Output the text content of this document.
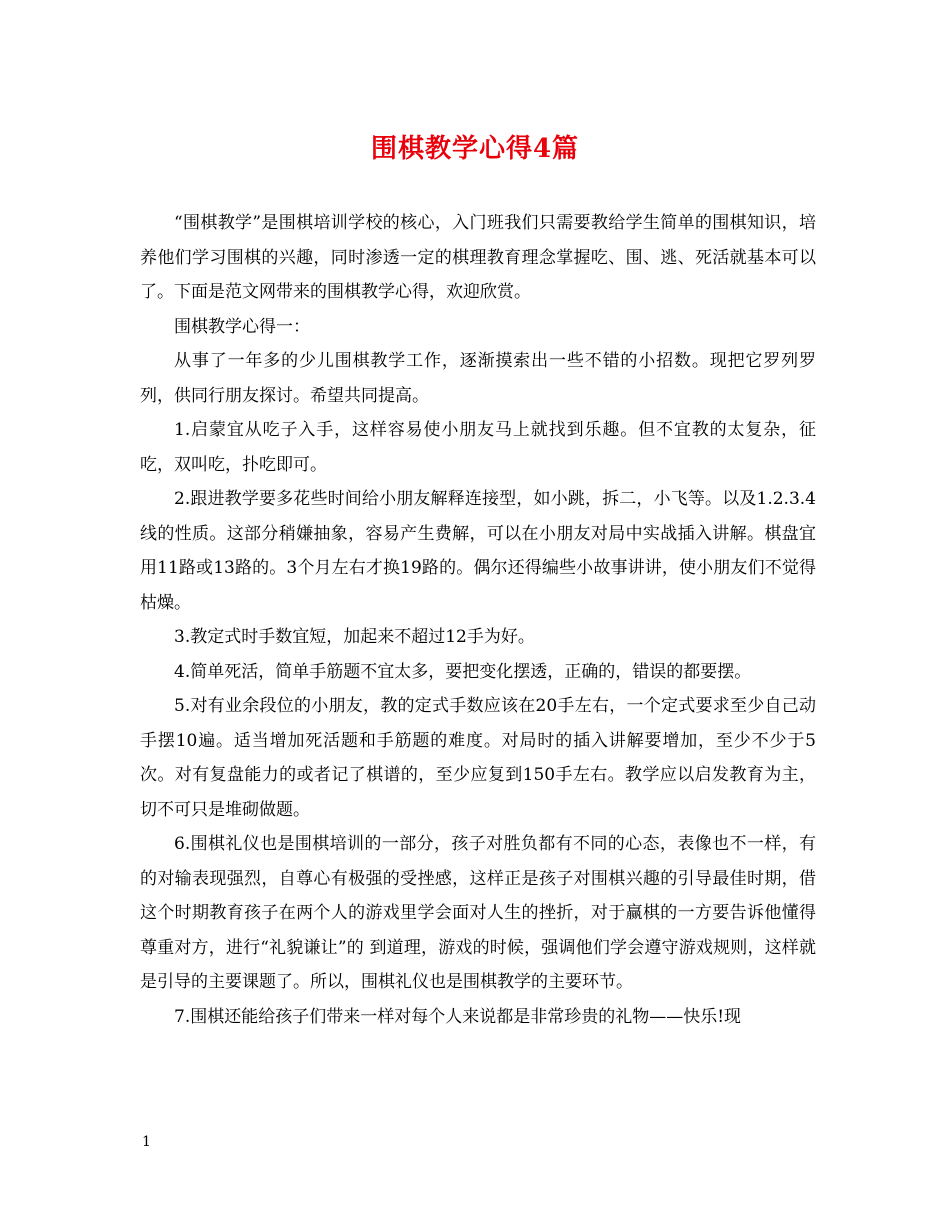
围棋教学心得4篇

“围棋教学”是围棋培训学校的核心，入门班我们只需要教给学生简单的围棋知识，培养他们学习围棋的兴趣，同时渗透一定的棋理教育理念掌握吃、围、逃、死活就基本可以了。下面是范文网带来的围棋教学心得，欢迎欣赏。

围棋教学心得一：

从事了一年多的少儿围棋教学工作，逐渐摸索出一些不错的小招数。现把它罗列罗列，供同行朋友探讨。希望共同提高。

1.启蒙宜从吃子入手，这样容易使小朋友马上就找到乐趣。但不宜教的太复杂，征吃，双叫吃，扑吃即可。

2.跟进教学要多花些时间给小朋友解释连接型，如小跳，拆二，小飞等。以及1.2.3.4线的性质。这部分稍嫌抽象，容易产生费解，可以在小朋友对局中实战插入讲解。棋盘宜用11路或13路的。3个月左右才换19路的。偶尔还得编些小故事讲讲，使小朋友们不觉得枯燥。

3.教定式时手数宜短，加起来不超过12手为好。

4.简单死活，简单手筋题不宜太多，要把变化摆透，正确的，错误的都要摆。

5.对有业余段位的小朋友，教的定式手数应该在20手左右，一个定式要求至少自己动手摆10遍。适当增加死活题和手筋题的难度。对局时的插入讲解要增加，至少不少于5次。对有复盘能力的或者记了棋谱的，至少应复到150手左右。教学应以启发教育为主，切不可只是堆砌做题。

6.围棋礼仪也是围棋培训的一部分，孩子对胜负都有不同的心态，表像也不一样，有的对输表现强烈，自尊心有极强的受挫感，这样正是孩子对围棋兴趣的引导最佳时期，借这个时期教育孩子在两个人的游戏里学会面对人生的挫折，对于赢棋的一方要告诉他懂得尊重对方，进行“礼貌谦让”的 到道理，游戏的时候，强调他们学会遵守游戏规则，这样就是引导的主要课题了。所以，围棋礼仪也是围棋教学的主要环节。

7.围棋还能给孩子们带来一样对每个人来说都是非常珍贵的礼物——快乐!现

1
